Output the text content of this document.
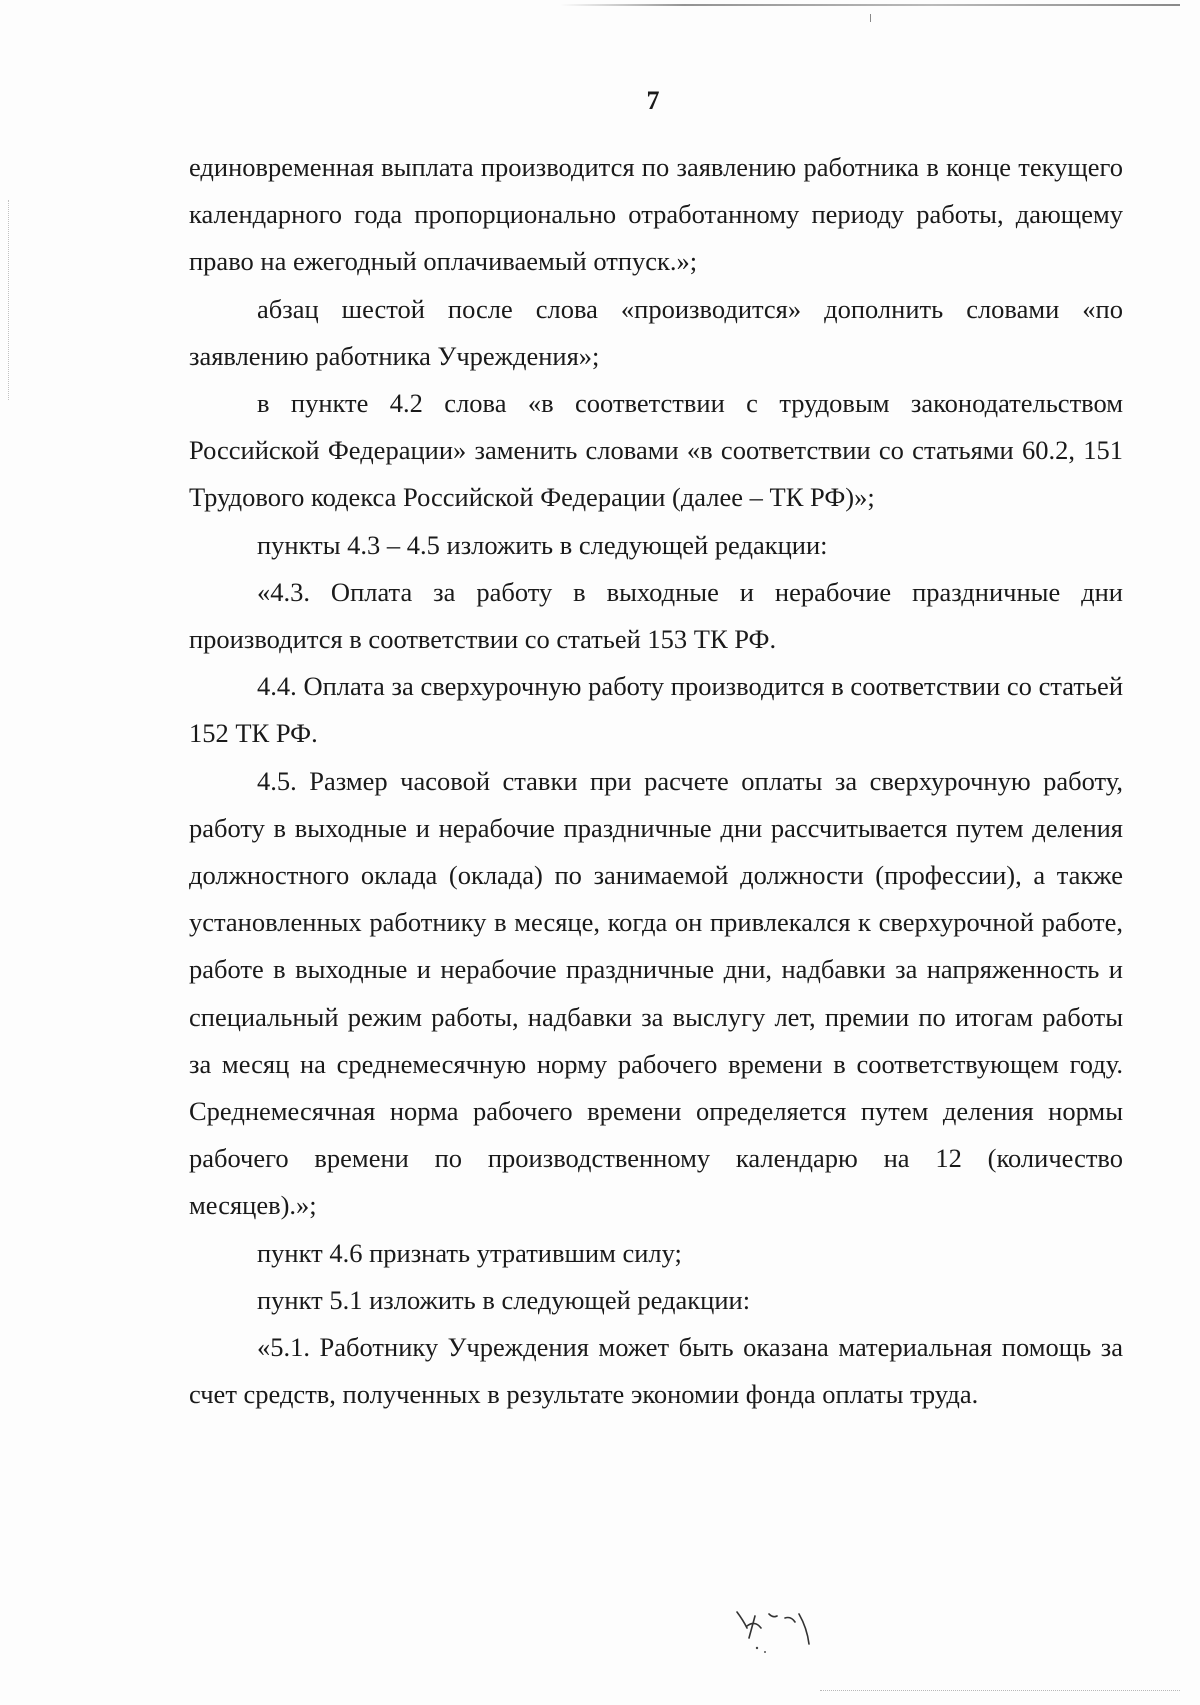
7

единовременная выплата производится по заявлению работника в конце текущего календарного года пропорционально отработанному периоду работы, дающему право на ежегодный оплачиваемый отпуск.»;

абзац шестой после слова «производится» дополнить словами «по заявлению работника Учреждения»;

в пункте 4.2 слова «в соответствии с трудовым законодательством Российской Федерации» заменить словами «в соответствии со статьями 60.2, 151 Трудового кодекса Российской Федерации (далее – ТК РФ)»;

пункты 4.3 – 4.5 изложить в следующей редакции:

«4.3. Оплата за работу в выходные и нерабочие праздничные дни производится в соответствии со статьей 153 ТК РФ.

4.4. Оплата за сверхурочную работу производится в соответствии со статьей 152 ТК РФ.

4.5. Размер часовой ставки при расчете оплаты за сверхурочную работу, работу в выходные и нерабочие праздничные дни рассчитывается путем деления должностного оклада (оклада) по занимаемой должности (профессии), а также установленных работнику в месяце, когда он привлекался к сверхурочной работе, работе в выходные и нерабочие праздничные дни, надбавки за напряженность и специальный режим работы, надбавки за выслугу лет, премии по итогам работы за месяц на среднемесячную норму рабочего времени в соответствующем году. Среднемесячная норма рабочего времени определяется путем деления нормы рабочего времени по производственному календарю на 12 (количество месяцев).»;

пункт 4.6 признать утратившим силу;

пункт 5.1 изложить в следующей редакции:

«5.1. Работнику Учреждения может быть оказана материальная помощь за счет средств, полученных в результате экономии фонда оплаты труда.
